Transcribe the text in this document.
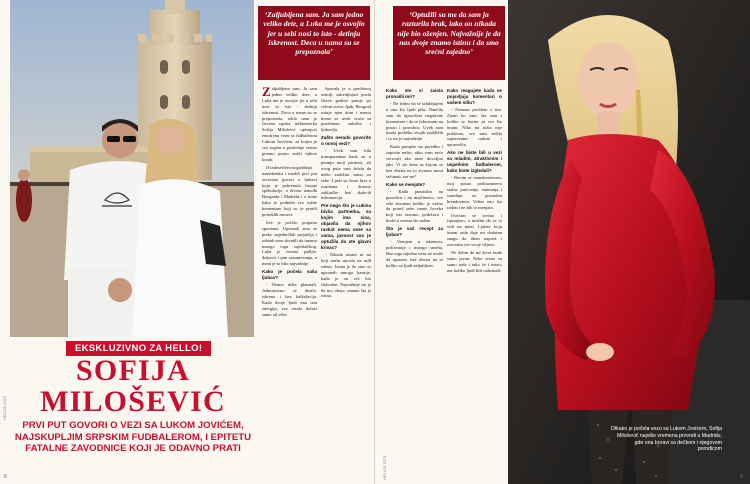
‘Zaljubljena sam. Ja sam jedno veliko dete, a Luka me je osvojio jer u sebi nosi to isto - detinju iskrenost. Deca u nama su se prepoznala’

Zaljubljena sam. Ja sam jedno veliko dete, a Luka me je osvojio jer u sebi nosi to isto - detinju iskrenost. Deca u nama su se prepoznala, rekla nam je čuvena srpska influenserka Sofija Milošević opisujući emotivnu vezu sa fudbalerom Lukom Jovićem, za kojim je ceo region u poslednje vreme pomno pratio svaki njihov korak.

Dvadesetčetvorogodišnja manekenka i model prvi put otvoreno govori o ljubavi koja je pokrenula brojne spekulacije, o životu između Beograda i Madrida i o tome kako je podnela sve ružne komentare koji su je pratili proteklih meseci.

Sve je počelo potpuno spontano. Upoznali smo se preko zajedničkih prijatelja i odmah smo shvatili da imamo mnogo toga zajedničkog. Luka je veoma pažljiv, duhovit i pun razumevanja, a meni je to bilo najvažnije.

Kako je počela vaša ljubav?

- Nismo ništa planirali. Jednostavno se desilo, iskreno i bez kalkulacija. Kada dvoje ljudi ima istu energiju, sve ostalo dolazi samo od sebe.

Spavala je u predivnoj zemlji, zahvaljujući poslu čitave godine putuje po celom svetu. Ipak, Beograd ostaje njen dom i mesto kome se uvek vraća sa posebnom radošću i ljubavlju.

Zašto nerado govorite o novoj vezi?

- Uvek sam bila transparentna kada su u pitanju moji partneri, ali ovog puta sam želela da nešto zadržim samo za sebe. Ljudi su često brzi u osudama i donose zaključke bez ikakvih informacija.

Pre nego što je Lukina bivša partnerka, sa kojim ima sina, objavila da njihov raskid nema veze sa vama, javnost vas je optužila da ste glavni krivac?

- Nikada nisam ni na koji način uticala na tuđi odnos. Istina je da smo se upoznali mnogo kasnije, kada je on već bio slobodan. Najvažnije mi je da mi, oboje, znamo šta je istina.

EKSKLUZIVNO ZA HELLO!
SOFIJA
MILOŠEVIĆ
PRVI PUT GOVORI O VEZI SA LUKOM JOVIĆEM, NAJSKUPLJIM SRPSKIM FUDBALEROM, I EPITETU FATALNE ZAVODNICE KOJI JE ODAVNO PRATI
8
HELLO! 1573
‘Optužili su me da sam ja razturila brak, iako on nikada nije bio oženjen. Najvažnije je da nas dvoje znamo istinu i da smo srećni zajedno’
Kako ste vi zaista pronašli mir?

- Ne želim da se udubljujem u ono što ljudi pišu. Naučila sam da ignorišem negativne komentare i da se fokusiram na posao i porodicu. Uvek sam imala podršku svojih najbližih i to mi je najvažnije.

Kada putujete na poredbu i zapisite nešto, niko vam neće verovati ako niste dovoljno jaki. Vi ste žena sa kojom se bez obzira na to stvarno mora računati, zar ne?

Kako se menjate?

- Kada pomislim na porodicu i na majčinstvo, sve više shvatam koliko je važno da pored sebe imate čoveka koji vas razume, podržava i bodri u svemu što radite.

Šta je vaš recept za ljubav?

- Verujem u iskrenost, poštovanje i mnogo smeha. Bez toga nijedna veza ne može da opstane, bez obzira na to koliko su ljudi zaljubljeni.

Kako reagujete kada se pojavljuju komentari o vašem stilu?

- Nemam problem s tim. Znam ko sam, šta sam i koliko se borim za sve što imam. Niko mi ništa nije poklonio, sve sam stekla sopstvenim radom i upornošću.

Ako ne biste bili u vezi sa mladim, atraktivnim i uspešnim fudbalerom, kako biste izgledali?

- Bavim se manekenstvom, moj posao podrazumeva stalno putovanje, snimanja i saradnju sa poznatim brendovima. Volim ono što radim i ne bih to menjala.

Osećam se srećno i ispunjeno, a mislim da se to vidi na meni. Ljubav koju imam sada daje mi dodatnu snagu da idem napred i ostvarim sve svoje ciljeve.

Ne želim da mi život bude samo javan. Neke stvari su samo naše i tako će i ostati, ma koliko ljudi bili radoznali.

Otkako je počela vezu sa Lukom Jovićem, Sofija Milošević najviše vremena provodi u Madridu, gde ona boravi sa dečkom i njegovom porodicom
9
HELLO! 1573
